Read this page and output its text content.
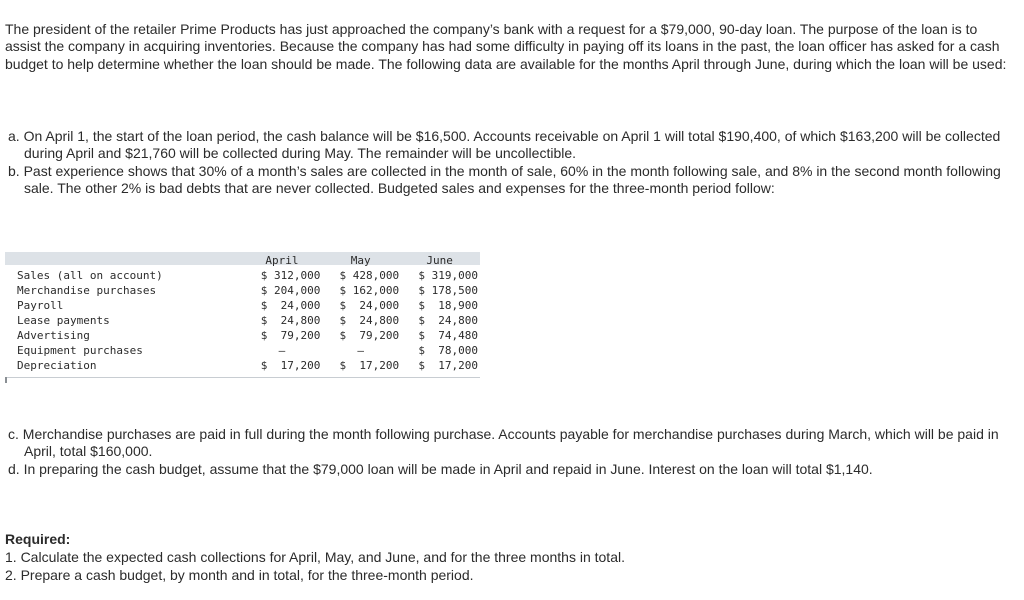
The president of the retailer Prime Products has just approached the company’s bank with a request for a $79,000, 90-day loan. The purpose of the loan is to assist the company in acquiring inventories. Because the company has had some difficulty in paying off its loans in the past, the loan officer has asked for a cash budget to help determine whether the loan should be made. The following data are available for the months April through June, during which the loan will be used:

a. On April 1, the start of the loan period, the cash balance will be $16,500. Accounts receivable on April 1 will total $190,400, of which $163,200 will be collected during April and $21,760 will be collected during May. The remainder will be uncollectible.
b. Past experience shows that 30% of a month’s sales are collected in the month of sale, 60% in the month following sale, and 8% in the second month following sale. The other 2% is bad debts that are never collected. Budgeted sales and expenses for the three-month period follow:
	April	May	June
Sales (all on account)	$ 312,000	$ 428,000	$ 319,000
Merchandise purchases	$ 204,000	$ 162,000	$ 178,500
Payroll	$  24,000	$  24,000	$  18,900
Lease payments	$  24,800	$  24,800	$  24,800
Advertising	$  79,200	$  79,200	$  74,480
Equipment purchases	–	–	$  78,000
Depreciation	$  17,200	$  17,200	$  17,200
c. Merchandise purchases are paid in full during the month following purchase. Accounts payable for merchandise purchases during March, which will be paid in April, total $160,000.
d. In preparing the cash budget, assume that the $79,000 loan will be made in April and repaid in June. Interest on the loan will total $1,140.
Required:
1. Calculate the expected cash collections for April, May, and June, and for the three months in total.
2. Prepare a cash budget, by month and in total, for the three-month period.
